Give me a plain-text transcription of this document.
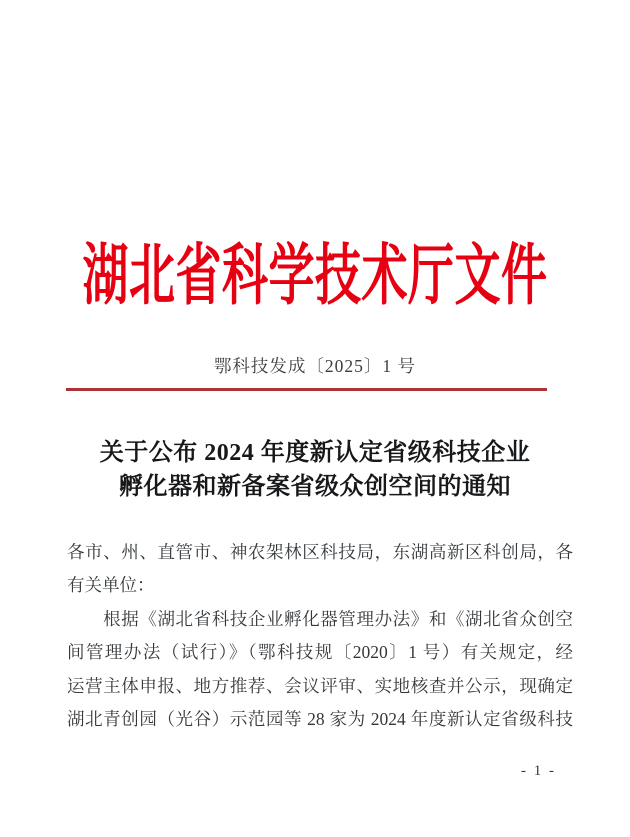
湖北省科学技术厅文件
鄂科技发成〔2025〕1 号
关于公布 2024 年度新认定省级科技企业
孵化器和新备案省级众创空间的通知
各市、州、直管市、神农架林区科技局，东湖高新区科创局，各
有关单位：
　　根据《湖北省科技企业孵化器管理办法》和《湖北省众创空
间管理办法（试行）》（鄂科技规〔2020〕1 号）有关规定，经
运营主体申报、地方推荐、会议评审、实地核查并公示，现确定
湖北青创园（光谷）示范园等 28 家为 2024 年度新认定省级科技
- 1 -
